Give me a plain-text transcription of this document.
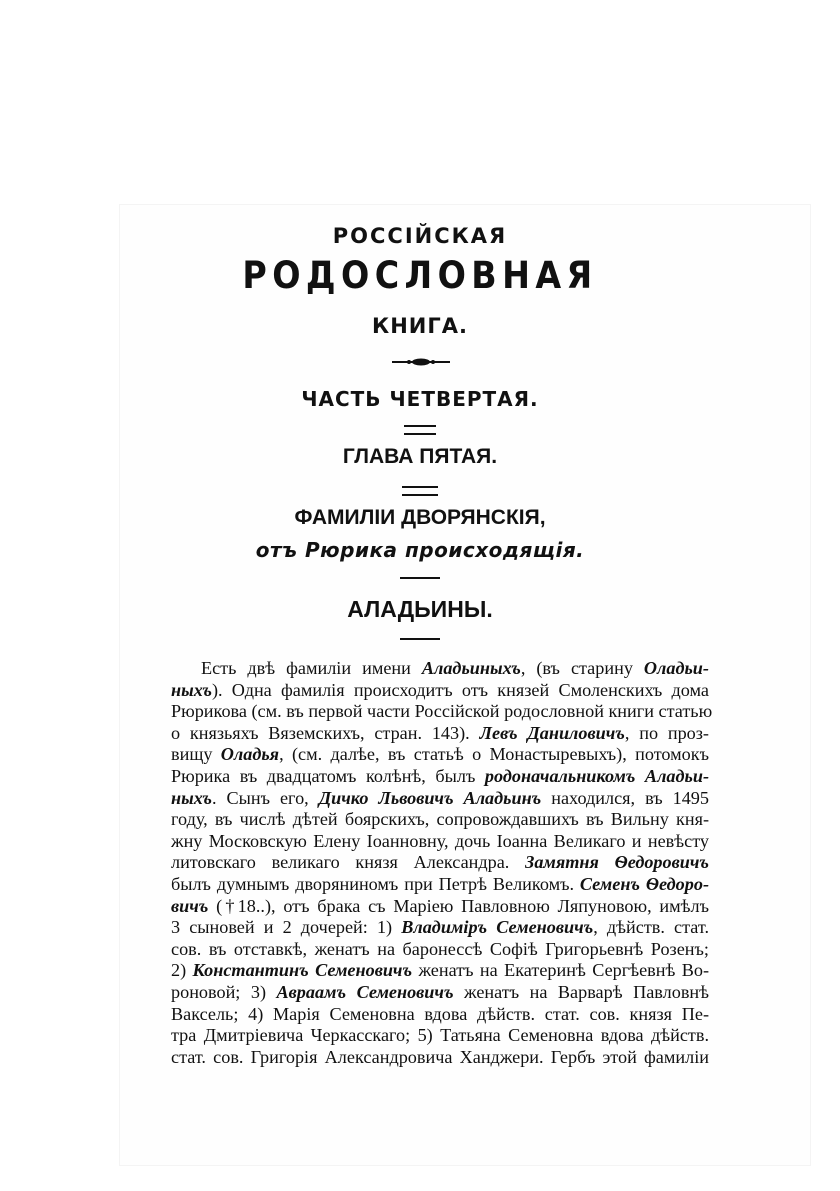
РОССІЙСКАЯ
РОДОСЛОВНАЯ
КНИГА.
ЧАСТЬ ЧЕТВЕРТАЯ.
ГЛАВА ПЯТАЯ.
ФАМИЛІИ ДВОРЯНСКІЯ,
отъ Рюрика происходящія.
АЛАДЬИНЫ.
Есть двѣ фамиліи имени Аладьиныхъ, (въ старину Оладьи-
ныхъ). Одна фамилія происходитъ отъ князей Смоленскихъ дома
Рюрикова (см. въ первой части Россійской родословной книги статью
о князьяхъ Вяземскихъ, стран. 143). Левъ Даниловичъ, по проз-
вищу Оладья, (см. далѣе, въ статьѣ о Монастыревыхъ), потомокъ
Рюрика въ двадцатомъ колѣнѣ, былъ родоначальникомъ Аладьи-
ныхъ. Сынъ его, Дичко Львовичъ Аладьинъ находился, въ 1495
году, въ числѣ дѣтей боярскихъ, сопровождавшихъ въ Вильну кня-
жну Московскую Елену Іоанновну, дочь Іоанна Великаго и невѣсту
литовскаго великаго князя Александра. Замятня Ѳедоровичъ
былъ думнымъ дворяниномъ при Петрѣ Великомъ. Семенъ Ѳедоро-
вичъ (†18..), отъ брака съ Маріею Павловною Ляпуновою, имѣлъ
3 сыновей и 2 дочерей: 1) Владиміръ Семеновичъ, дѣйств. стат.
сов. въ отставкѣ, женатъ на баронессѣ Софіѣ Григорьевнѣ Розенъ;
2) Константинъ Семеновичъ женатъ на Екатеринѣ Сергѣевнѣ Во-
роновой; 3) Авраамъ Семеновичъ женатъ на Варварѣ Павловнѣ
Ваксель; 4) Марія Семеновна вдова дѣйств. стат. сов. князя Пе-
тра Дмитріевича Черкасскаго; 5) Татьяна Семеновна вдова дѣйств.
стат. сов. Григорія Александровича Ханджери. Гербъ этой фамиліи
